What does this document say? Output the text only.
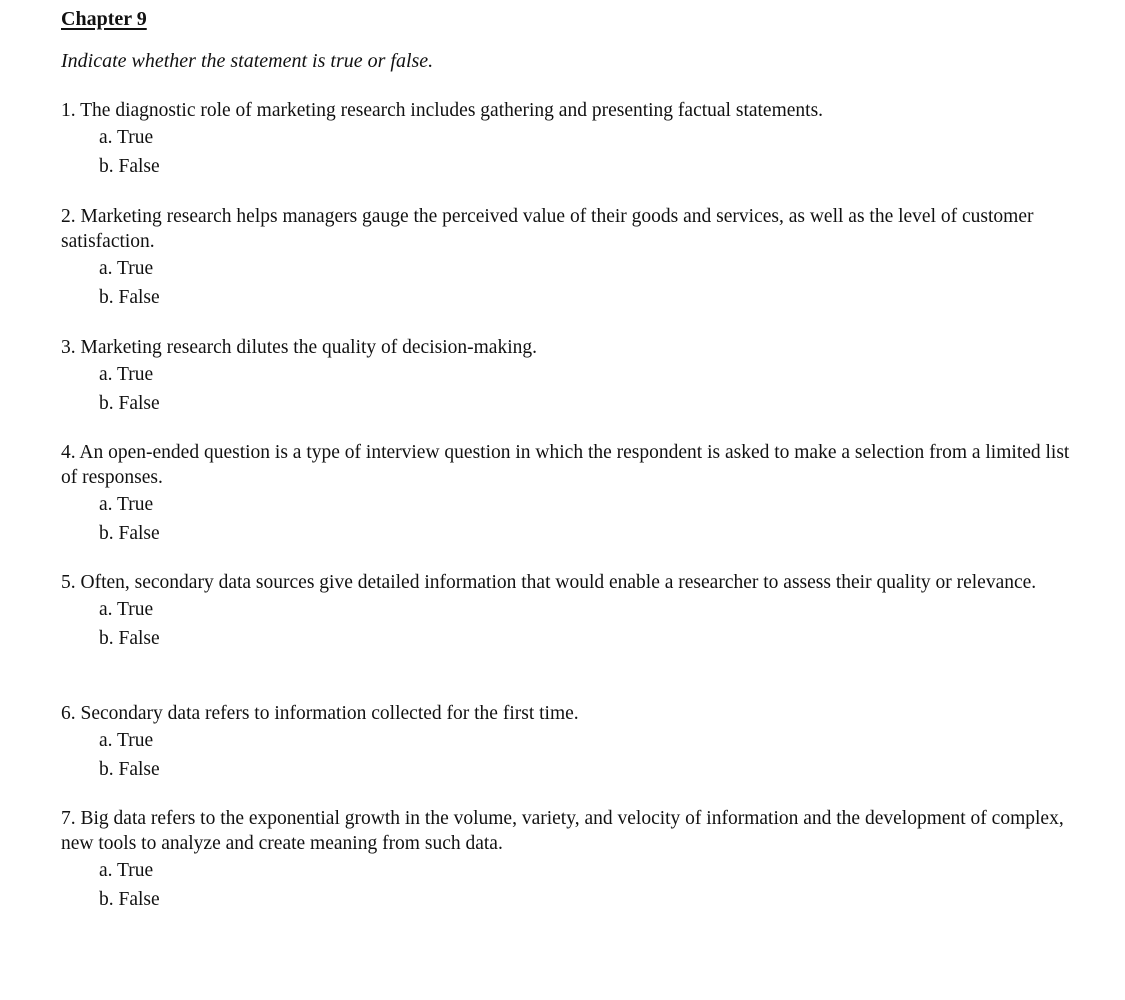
Chapter 9

Indicate whether the statement is true or false.

1. The diagnostic role of marketing research includes gathering and presenting factual statements.

a. True

b. False

2. Marketing research helps managers gauge the perceived value of their goods and services, as well as the level of customer satisfaction.

a. True

b. False

3. Marketing research dilutes the quality of decision-making.

a. True

b. False

4. An open-ended question is a type of interview question in which the respondent is asked to make a selection from a limited list of responses.

a. True

b. False

5. Often, secondary data sources give detailed information that would enable a researcher to assess their quality or relevance.

a. True

b. False

6. Secondary data refers to information collected for the first time.

a. True

b. False

7. Big data refers to the exponential growth in the volume, variety, and velocity of information and the development of complex, new tools to analyze and create meaning from such data.

a. True

b. False
